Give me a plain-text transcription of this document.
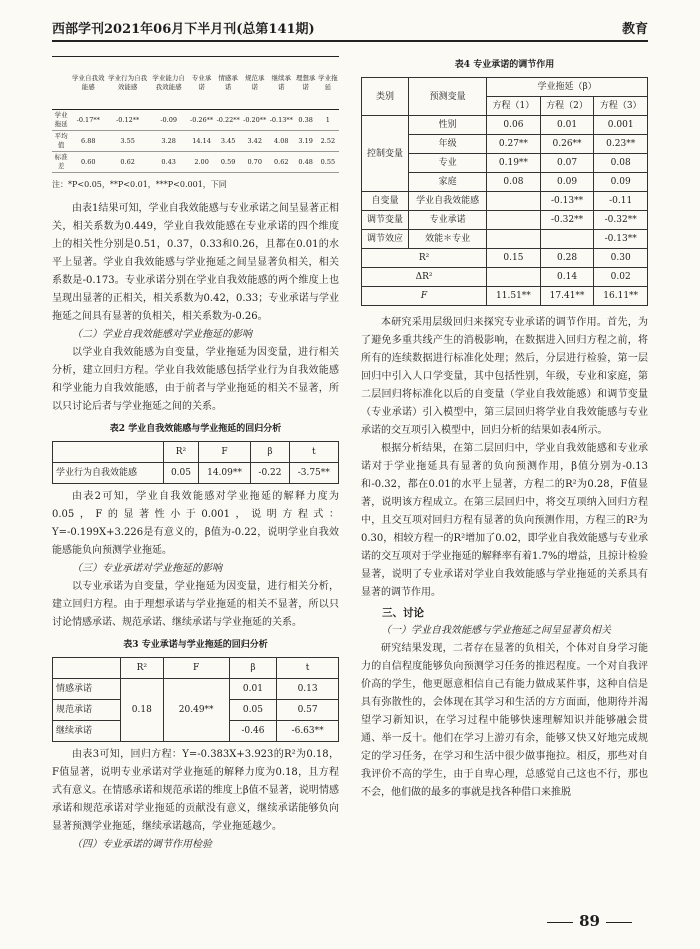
西部学刊2021年06月下半月刊(总第141期)	教育
	学业自我效能感	学业行为自我效能感	学业能力自我效能感	专业承诺	情感承诺	规范承诺	继续承诺	理想承诺	学业拖延
学业拖延	-0.17**	-0.12**	-0.09	-0.26**	-0.22**	-0.20**	-0.13**	0.38	1
平均值	6.88	3.55	3.28	14.14	3.45	3.42	4.08	3.19	2.52
标准差	0.60	0.62	0.43	2.00	0.59	0.70	0.62	0.48	0.55

注：*P<0.05，**P<0.01，***P<0.001，下同

由表1结果可知，学业自我效能感与专业承诺之间呈显著正相关，相关系数为0.449，学业自我效能感在专业承诺的四个维度上的相关性分别是0.51，0.37，0.33和0.26，且都在0.01的水平上显著。学业自我效能感与学业拖延之间呈显著负相关，相关系数是-0.173。专业承诺分别在学业自我效能感的两个维度上也呈现出显著的正相关，相关系数为0.42，0.33；专业承诺与学业拖延之间具有显著的负相关，相关系数为-0.26。

（二）学业自我效能感对学业拖延的影响

以学业自我效能感为自变量，学业拖延为因变量，进行相关分析，建立回归方程。学业自我效能感包括学业行为自我效能感和学业能力自我效能感，由于前者与学业拖延的相关不显著，所以只讨论后者与学业拖延之间的关系。

表2 学业自我效能感与学业拖延的回归分析
	R²	F	β	t
学业行为自我效能感	0.05	14.09**	-0.22	-3.75**

由表2可知，学业自我效能感对学业拖延的解释力度为0.05，F的显著性小于0.001，说明方程式：Y=-0.199X+3.226是有意义的，β值为-0.22，说明学业自我效能感能负向预测学业拖延。

（三）专业承诺对学业拖延的影响

以专业承诺为自变量，学业拖延为因变量，进行相关分析，建立回归方程。由于理想承诺与学业拖延的相关不显著，所以只讨论情感承诺、规范承诺、继续承诺与学业拖延的关系。

表3 专业承诺与学业拖延的回归分析
	R²	F	β	t
情感承诺	0.18	20.49**	0.01	0.13
规范承诺			0.05	0.57
继续承诺			-0.46	-6.63**

由表3可知，回归方程：Y=-0.383X+3.923的R²为0.18，F值显著，说明专业承诺对学业拖延的解释力度为0.18，且方程式有意义。在情感承诺和规范承诺的维度上β值不显著，说明情感承诺和规范承诺对学业拖延的贡献没有意义，继续承诺能够负向显著预测学业拖延，继续承诺越高，学业拖延越少。

（四）专业承诺的调节作用检验

表4 专业承诺的调节作用
类别	预测变量	学业拖延（β）		
		方程（1）	方程（2）	方程（3）
控制变量	性别	0.06	0.01	0.001
	年级	0.27**	0.26**	0.23**
	专业	0.19**	0.07	0.08
	家庭	0.08	0.09	0.09
自变量	学业自我效能感		-0.13**	-0.11
调节变量	专业承诺		-0.32**	-0.32**
调节效应	效能＊专业			-0.13**
R²		0.15	0.28	0.30
ΔR²			0.14	0.02
F		11.51**	17.41**	16.11**

本研究采用层级回归来探究专业承诺的调节作用。首先，为了避免多重共线产生的消极影响，在数据进入回归方程之前，将所有的连续数据进行标准化处理；然后，分层进行检验，第一层回归中引入人口学变量，其中包括性别，年级，专业和家庭，第二层回归将标准化以后的自变量（学业自我效能感）和调节变量（专业承诺）引入模型中，第三层回归将学业自我效能感与专业承诺的交互项引入模型中，回归分析的结果如表4所示。

根据分析结果，在第二层回归中，学业自我效能感和专业承诺对于学业拖延具有显著的负向预测作用，β值分别为-0.13和-0.32，都在0.01的水平上显著，方程二的R²为0.28，F值显著，说明该方程成立。在第三层回归中，将交互项纳入回归方程中，且交互项对回归方程有显著的负向预测作用，方程三的R²为0.30，相较方程一的R²增加了0.02，即学业自我效能感与专业承诺的交互项对于学业拖延的解释率有着1.7%的增益，且掠计检验显著，说明了专业承诺对学业自我效能感与学业拖延的关系具有显著的调节作用。

三、讨论

（一）学业自我效能感与学业拖延之间呈显著负相关

研究结果发现，二者存在显著的负相关，个体对自身学习能力的自信程度能够负向预测学习任务的推迟程度。一个对自我评价高的学生，他更愿意相信自己有能力做成某件事，这种自信是具有弥散性的，会体现在其学习和生活的方方面面，他期待并渴望学习新知识，在学习过程中能够快速理解知识并能够融会贯通、举一反十。他们在学习上游刃有余，能够又快又好地完成规定的学习任务，在学习和生活中很少做事拖拉。相反，那些对自我评价不高的学生，由于自卑心理，总感觉自己这也不行，那也不会，他们做的最多的事就是找各种借口来推脱

89
